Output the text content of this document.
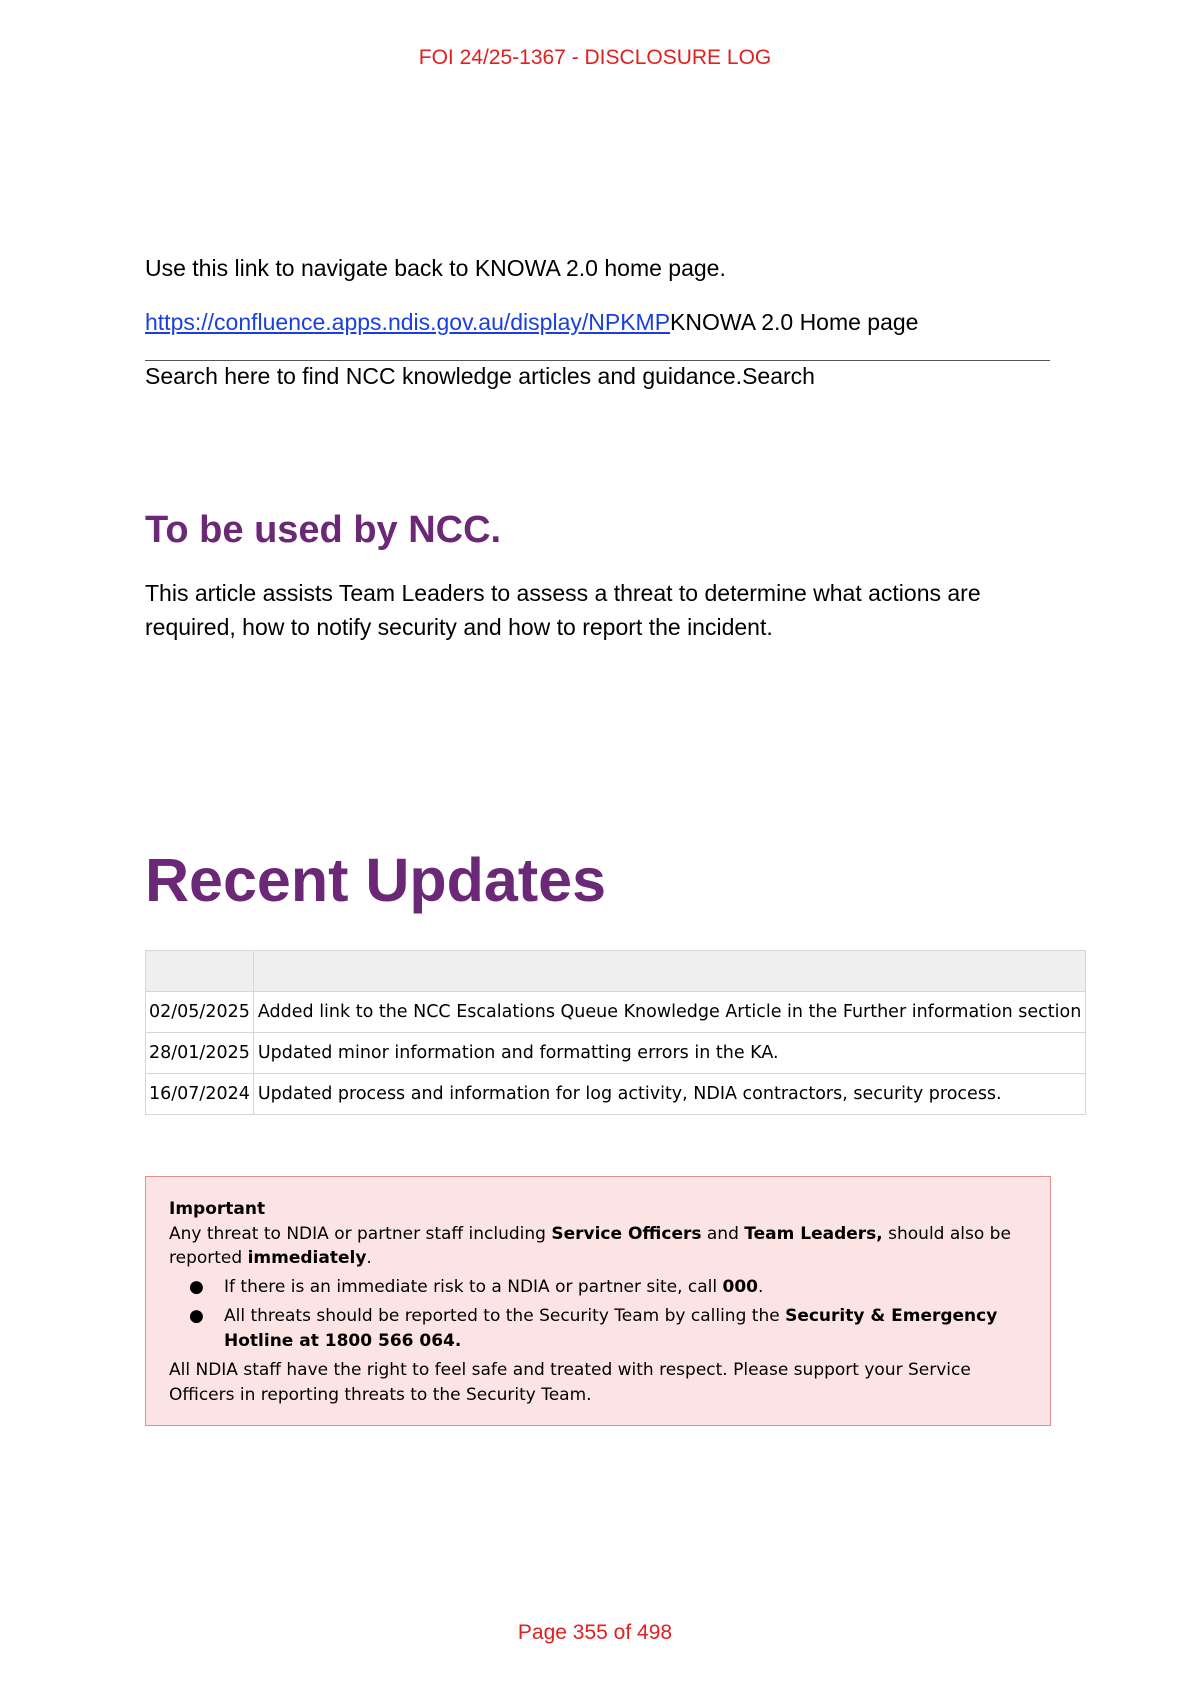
FOI 24/25-1367 - DISCLOSURE LOG
Use this link to navigate back to KNOWA 2.0 home page.
https://confluence.apps.ndis.gov.au/display/NPKMPKNOWA 2.0 Home page
Search here to find NCC knowledge articles and guidance.Search
To be used by NCC.

This article assists Team Leaders to assess a threat to determine what actions are required, how to notify security and how to report the incident.

Recent Updates

02/05/2025	Added link to the NCC Escalations Queue Knowledge Article in the Further information section
28/01/2025	Updated minor information and formatting errors in the KA.
16/07/2024	Updated process and information for log activity, NDIA contractors, security process.

Important

Any threat to NDIA or partner staff including Service Officers and Team Leaders, should also be reported immediately.

● If there is an immediate risk to a NDIA or partner site, call 000.
● All threats should be reported to the Security Team by calling the Security & Emergency Hotline at 1800 566 064.

All NDIA staff have the right to feel safe and treated with respect. Please support your Service Officers in reporting threats to the Security Team.

Page 355 of 498
